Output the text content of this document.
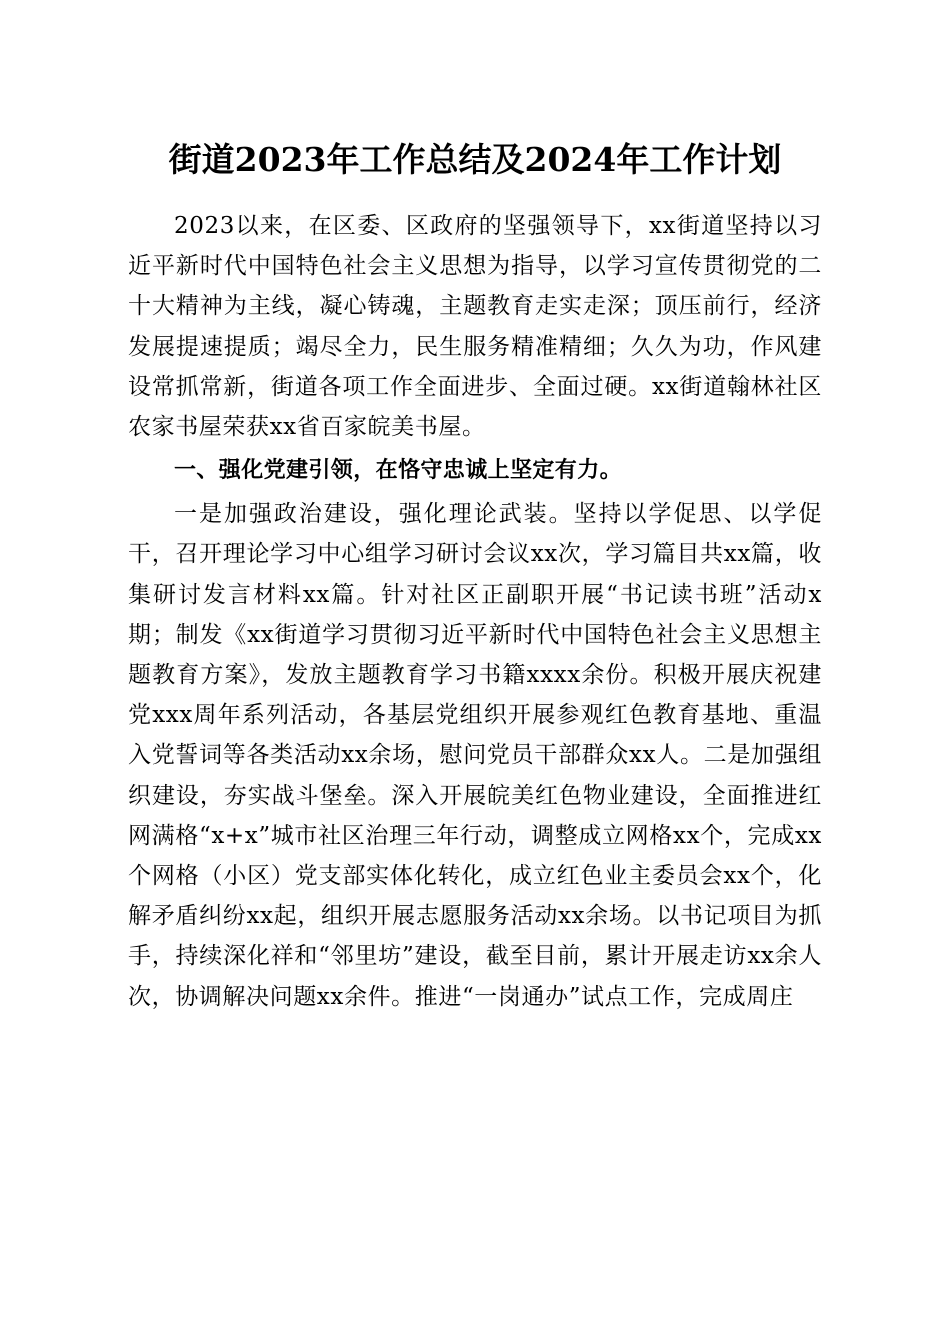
街道2023年工作总结及2024年工作计划

2023以来，在区委、区政府的坚强领导下，xx街道坚持以习近平新时代中国特色社会主义思想为指导，以学习宣传贯彻党的二十大精神为主线，凝心铸魂，主题教育走实走深；顶压前行，经济发展提速提质；竭尽全力，民生服务精准精细；久久为功，作风建设常抓常新，街道各项工作全面进步、全面过硬。xx街道翰林社区农家书屋荣获xx省百家皖美书屋。

一、强化党建引领，在恪守忠诚上坚定有力。

一是加强政治建设，强化理论武装。坚持以学促思、以学促干，召开理论学习中心组学习研讨会议xx次，学习篇目共xx篇，收集研讨发言材料xx篇。针对社区正副职开展“书记读书班”活动x期；制发《xx街道学习贯彻习近平新时代中国特色社会主义思想主题教育方案》，发放主题教育学习书籍xxxx余份。积极开展庆祝建党xxx周年系列活动，各基层党组织开展参观红色教育基地、重温入党誓词等各类活动xx余场，慰问党员干部群众xx人。二是加强组织建设，夯实战斗堡垒。深入开展皖美红色物业建设，全面推进红网满格“x+x”城市社区治理三年行动，调整成立网格xx个，完成xx个网格（小区）党支部实体化转化，成立红色业主委员会xx个，化解矛盾纠纷xx起，组织开展志愿服务活动xx余场。以书记项目为抓手，持续深化祥和“邻里坊”建设，截至目前，累计开展走访xx余人次，协调解决问题xx余件。推进“一岗通办”试点工作，完成周庄
